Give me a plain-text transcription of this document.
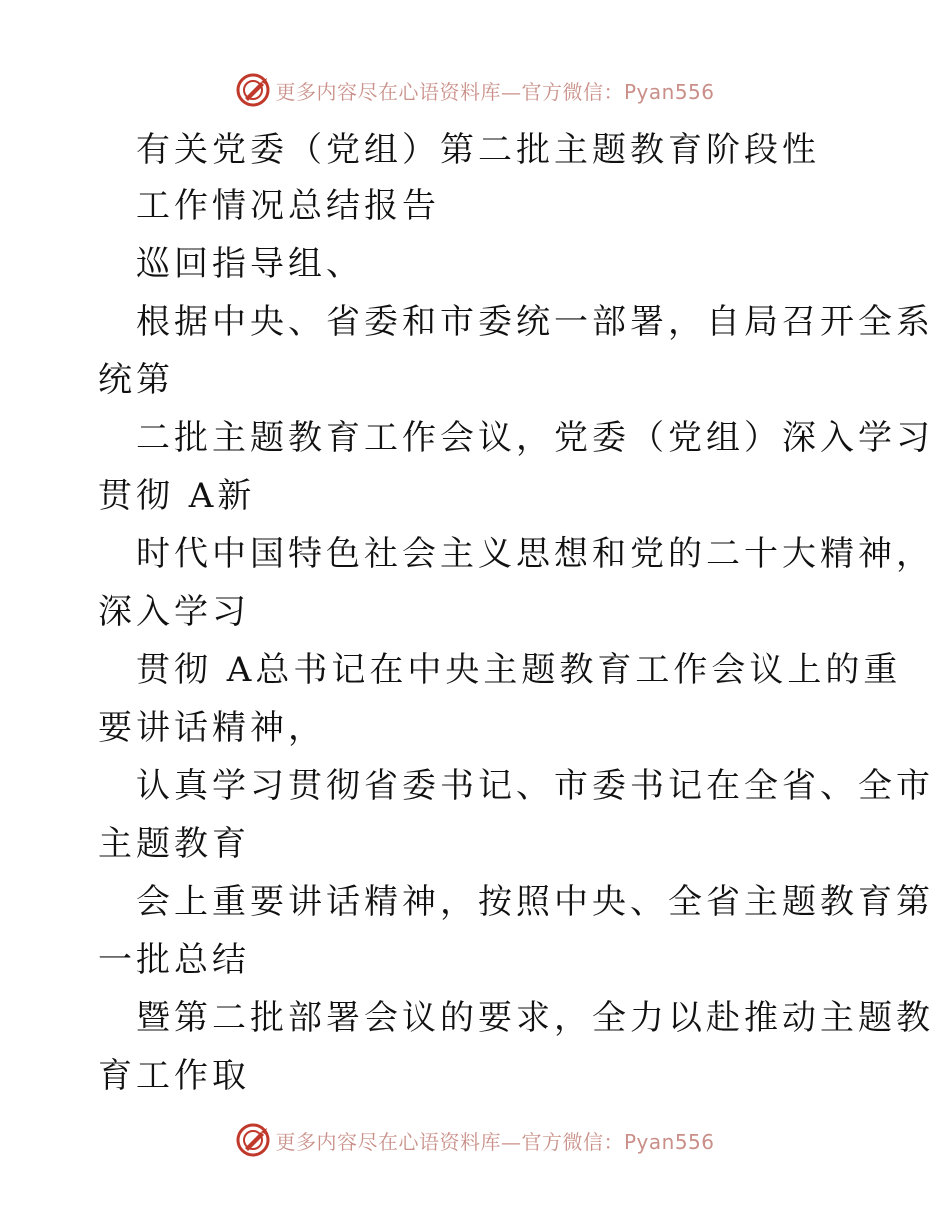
更多内容尽在心语资料库—官方微信：Pyan556
有关党委（党组）第二批主题教育阶段性
工作情况总结报告
巡回指导组、
根据中央、省委和市委统一部署，自局召开全系
统第
二批主题教育工作会议，党委（党组）深入学习
贯彻 A新
时代中国特色社会主义思想和党的二十大精神，
深入学习
贯彻 A总书记在中央主题教育工作会议上的重
要讲话精神，
认真学习贯彻省委书记、市委书记在全省、全市
主题教育
会上重要讲话精神，按照中央、全省主题教育第
一批总结
暨第二批部署会议的要求，全力以赴推动主题教
育工作取
更多内容尽在心语资料库—官方微信：Pyan556
